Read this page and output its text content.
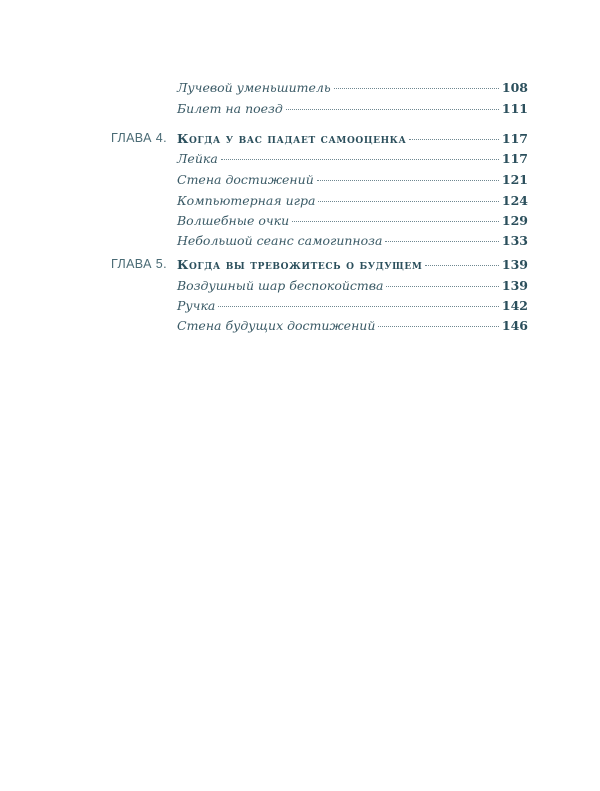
Лучевой уменьшитель	108
Билет на поезд	111
ГЛАВА 4. Когда у вас падает самооценка	117
Лейка	117
Стена достижений	121
Компьютерная игра	124
Волшебные очки	129
Небольшой сеанс самогипноза	133
ГЛАВА 5. Когда вы тревожитесь о будущем	139
Воздушный шар беспокойства	139
Ручка	142
Стена будущих достижений	146
